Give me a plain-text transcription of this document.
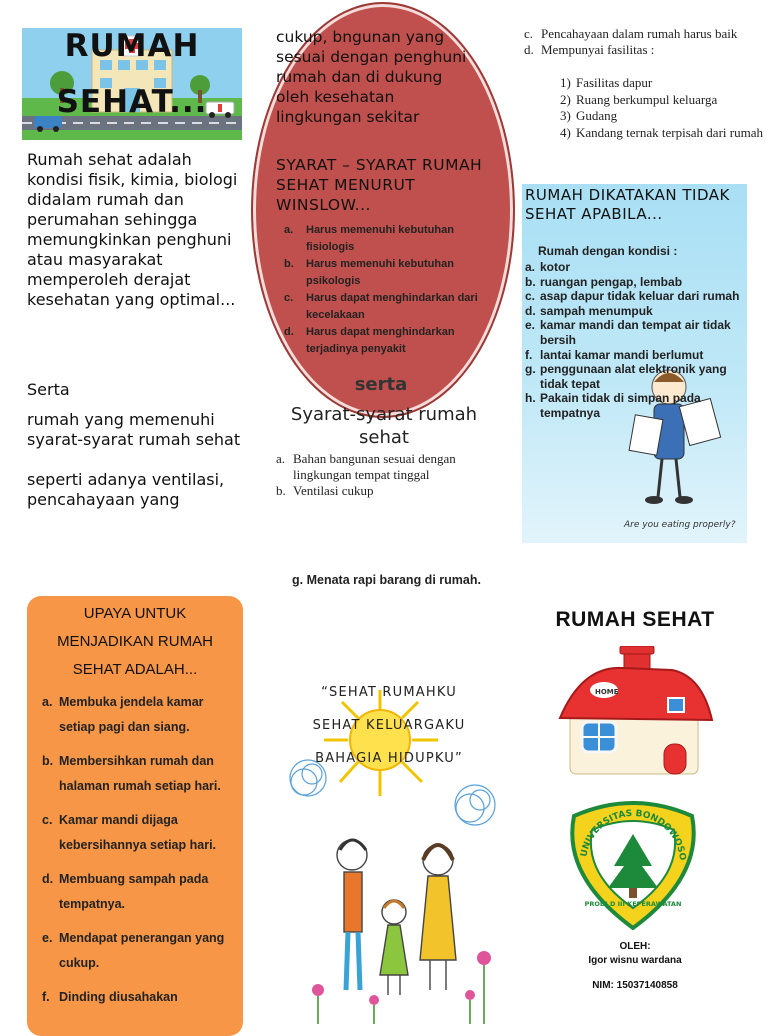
RUMAH
SEHAT...

Rumah sehat adalah kondisi fisik, kimia, biologi didalam rumah dan perumahan sehingga memungkinkan penghuni atau masyarakat memperoleh derajat kesehatan yang optimal...

Serta

rumah yang memenuhi syarat-syarat rumah sehat

seperti adanya ventilasi, pencahayaan yang

cukup, bngunan yang sesuai dengan penghuni rumah dan di dukung oleh kesehatan lingkungan sekitar
SYARAT – SYARAT RUMAH SEHAT MENURUT WINSLOW...
a.	Harus memenuhi kebutuhan fisiologis
b.	Harus memenuhi kebutuhan psikologis
c.	Harus dapat menghindarkan dari kecelakaan
d.	Harus dapat menghindarkan terjadinya penyakit
serta
Syarat-syarat rumah sehat
a. Bahan bangunan sesuai dengan lingkungan tempat tinggal
b. Ventilasi cukup
c. Pencahayaan dalam rumah harus baik
d. Mempunyai fasilitas :
1) Fasilitas dapur
2) Ruang berkumpul keluarga
3) Gudang
4) Kandang ternak terpisah dari rumah
Are you eating properly?
RUMAH DIKATAKAN TIDAK SEHAT APABILA...
Rumah dengan kondisi :
a. kotor
b. ruangan pengap, lembab
c. asap dapur tidak keluar dari rumah
d. sampah menumpuk
e. kamar mandi dan tempat air tidak bersih
f. lantai kamar mandi berlumut
g. penggunaan alat elektronik yang tidak tepat
h. Pakain tidak di simpan pada tempatnya
UPAYA UNTUK
MENJADIKAN RUMAH
SEHAT ADALAH...
a. Membuka jendela kamar setiap pagi dan siang.
b. Membersihkan rumah dan halaman rumah setiap hari.
c. Kamar mandi dijaga kebersihannya setiap hari.
d. Membuang sampah pada tempatnya.
e. Mendapat penerangan yang cukup.
f. Dinding diusahakan
g. Menata rapi barang di rumah.
“SEHAT RUMAHKU
SEHAT KELUARGAKU
BAHAGIA HIDUPKU”
RUMAH SEHAT
HOME
UNIVERSITAS BONDOWOSO
PRODI D III KEPERAWATAN
OLEH:
Igor wisnu wardana
NIM: 15037140858
